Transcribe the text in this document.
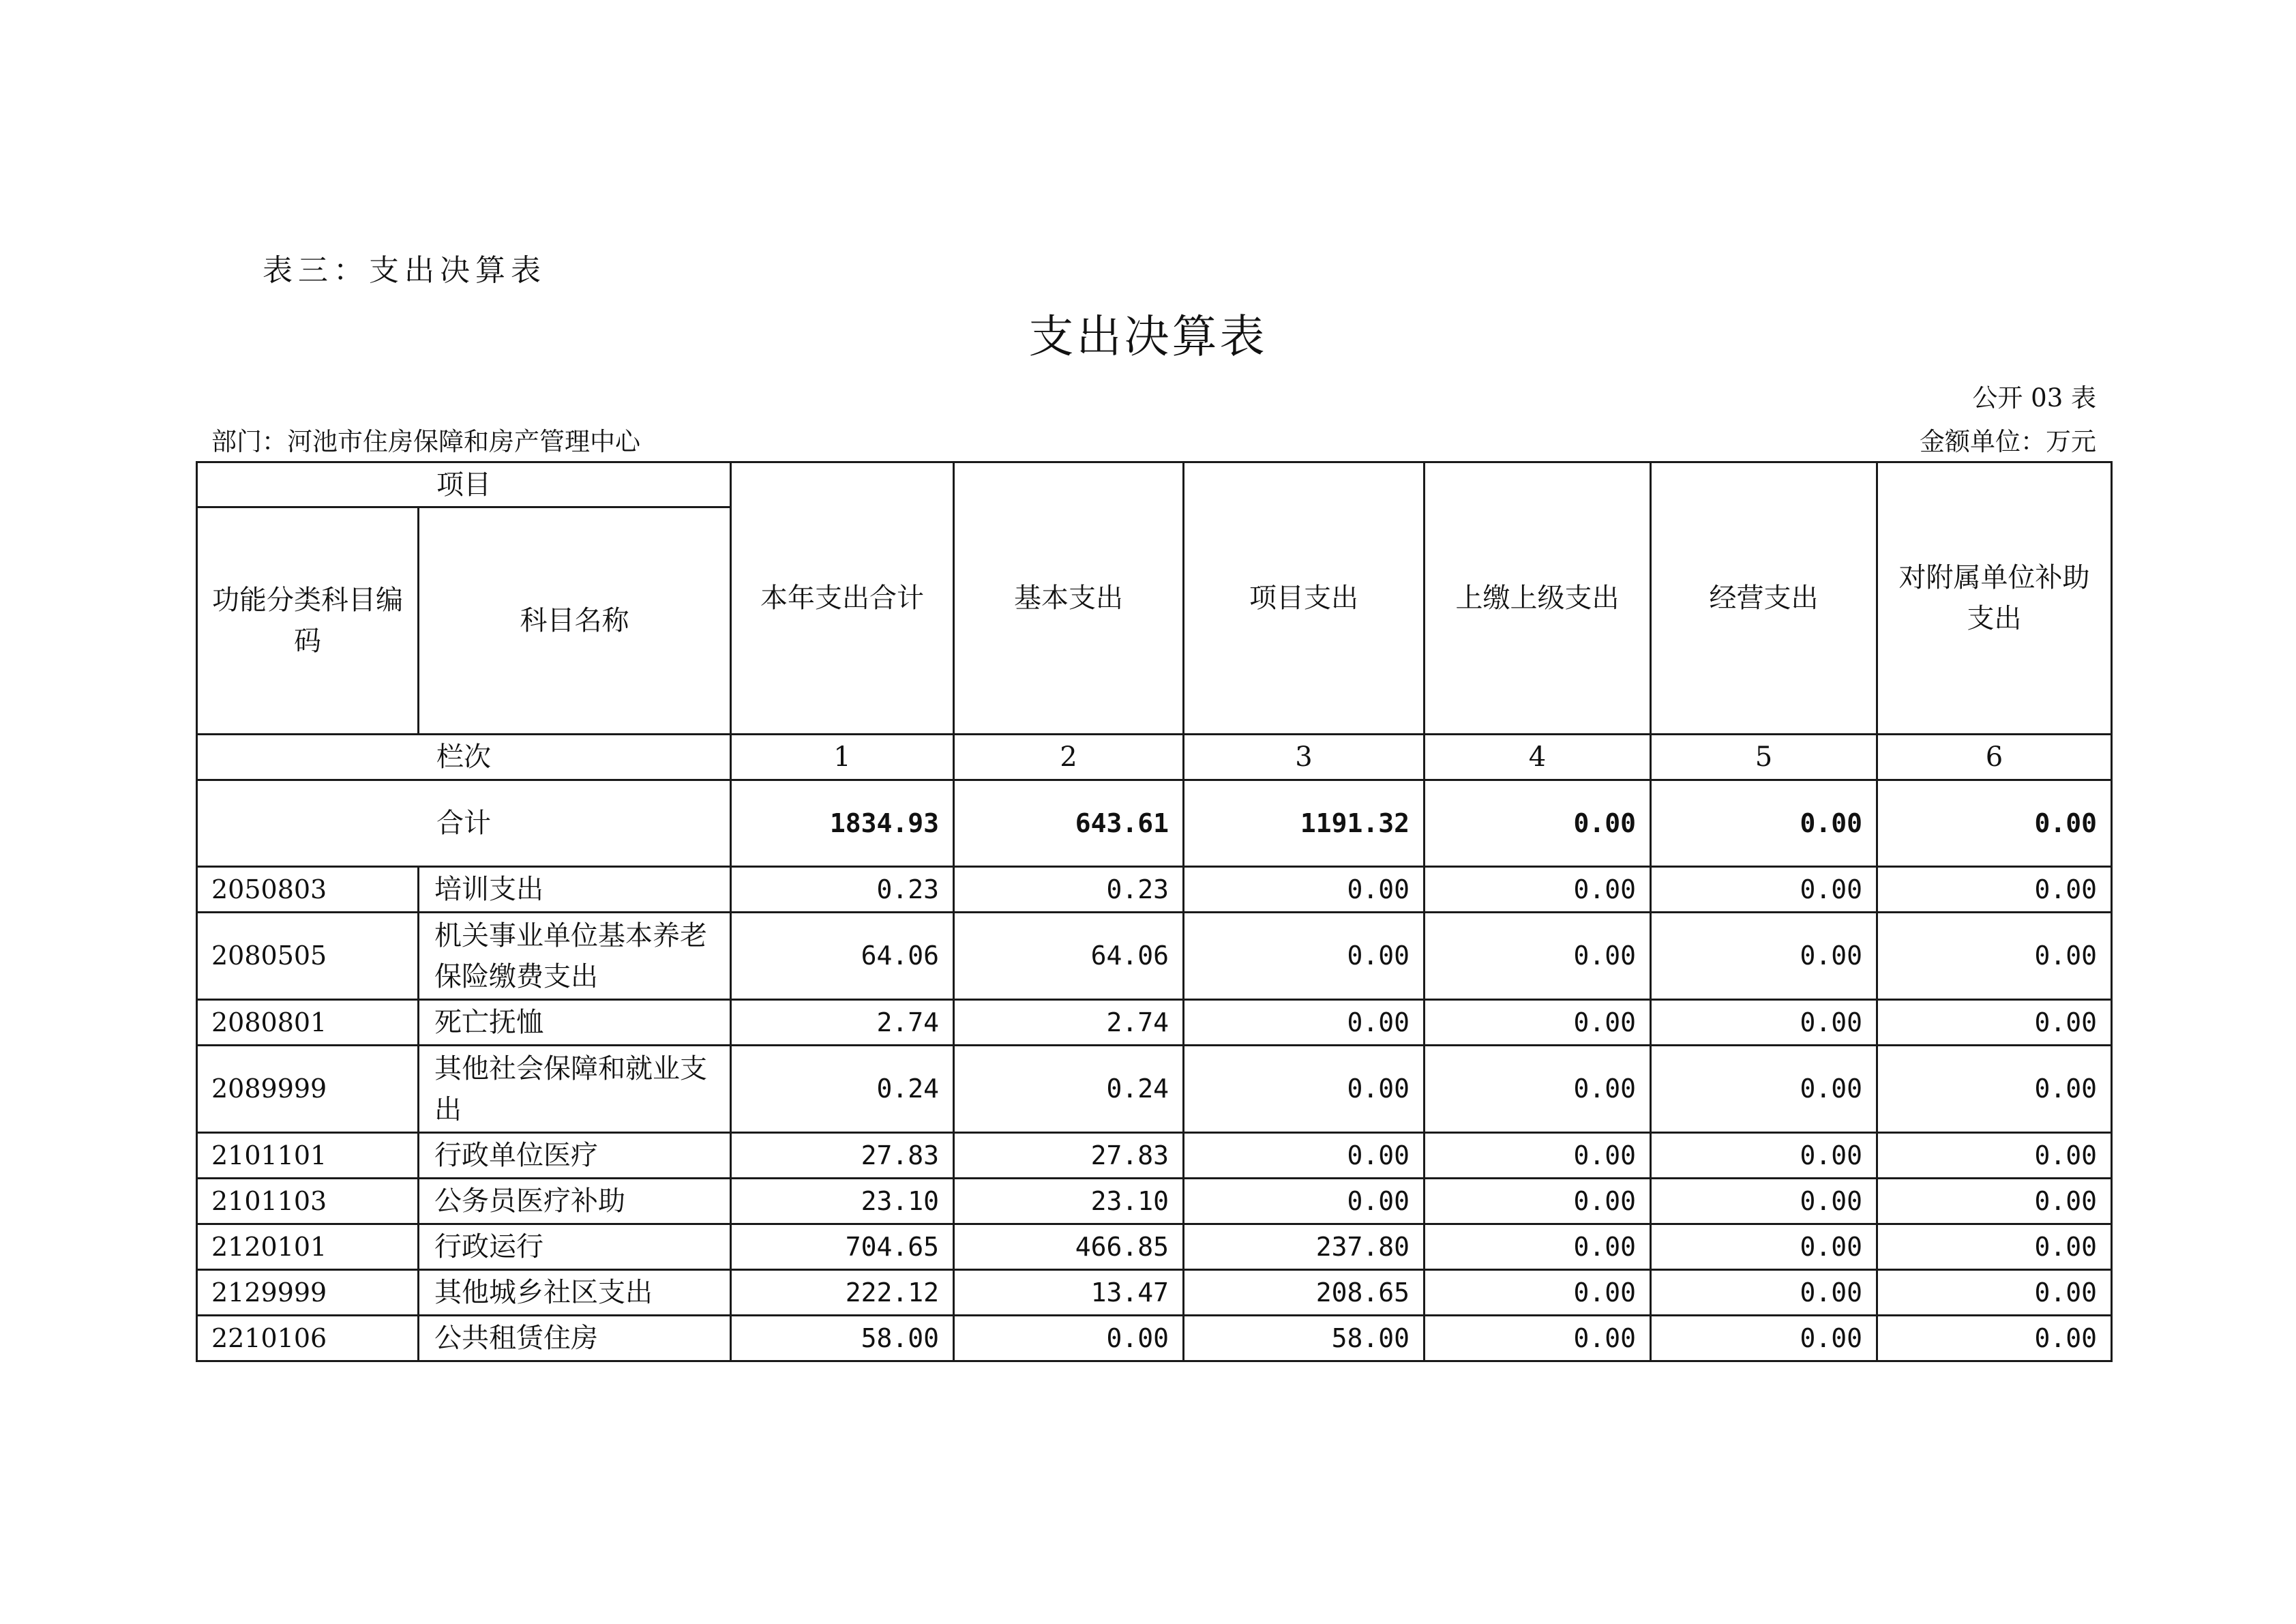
表三：支出决算表
支出决算表
公开 03 表
部门：河池市住房保障和房产管理中心	金额单位：万元
项目		本年支出合计	基本支出	项目支出	上缴上级支出	经营支出	对附属单位补助支出
功能分类科目编码	科目名称						
栏次		1	2	3	4	5	6
合计		1834.93	643.61	1191.32	0.00	0.00	0.00
2050803	培训支出	0.23	0.23	0.00	0.00	0.00	0.00
2080505	机关事业单位基本养老保险缴费支出	64.06	64.06	0.00	0.00	0.00	0.00
2080801	死亡抚恤	2.74	2.74	0.00	0.00	0.00	0.00
2089999	其他社会保障和就业支出	0.24	0.24	0.00	0.00	0.00	0.00
2101101	行政单位医疗	27.83	27.83	0.00	0.00	0.00	0.00
2101103	公务员医疗补助	23.10	23.10	0.00	0.00	0.00	0.00
2120101	行政运行	704.65	466.85	237.80	0.00	0.00	0.00
2129999	其他城乡社区支出	222.12	13.47	208.65	0.00	0.00	0.00
2210106	公共租赁住房	58.00	0.00	58.00	0.00	0.00	0.00
